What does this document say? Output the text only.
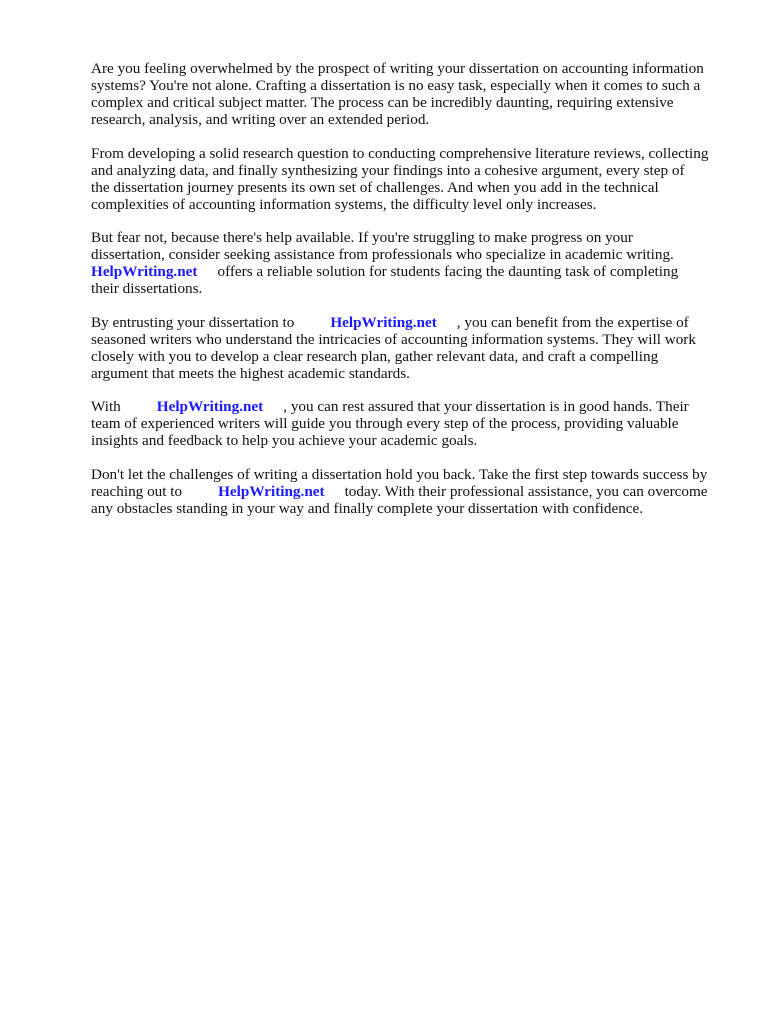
Are you feeling overwhelmed by the prospect of writing your dissertation on accounting information
systems? You're not alone. Crafting a dissertation is no easy task, especially when it comes to such a
complex and critical subject matter. The process can be incredibly daunting, requiring extensive
research, analysis, and writing over an extended period.

From developing a solid research question to conducting comprehensive literature reviews, collecting
and analyzing data, and finally synthesizing your findings into a cohesive argument, every step of
the dissertation journey presents its own set of challenges. And when you add in the technical
complexities of accounting information systems, the difficulty level only increases.

But fear not, because there's help available. If you're struggling to make progress on your
dissertation, consider seeking assistance from professionals who specialize in academic writing.
HelpWriting.net offers a reliable solution for students facing the daunting task of completing
their dissertations.

By entrusting your dissertation to HelpWriting.net , you can benefit from the expertise of
seasoned writers who understand the intricacies of accounting information systems. They will work
closely with you to develop a clear research plan, gather relevant data, and craft a compelling
argument that meets the highest academic standards.

With HelpWriting.net , you can rest assured that your dissertation is in good hands. Their
team of experienced writers will guide you through every step of the process, providing valuable
insights and feedback to help you achieve your academic goals.

Don't let the challenges of writing a dissertation hold you back. Take the first step towards success by
reaching out to HelpWriting.net today. With their professional assistance, you can overcome
any obstacles standing in your way and finally complete your dissertation with confidence.
